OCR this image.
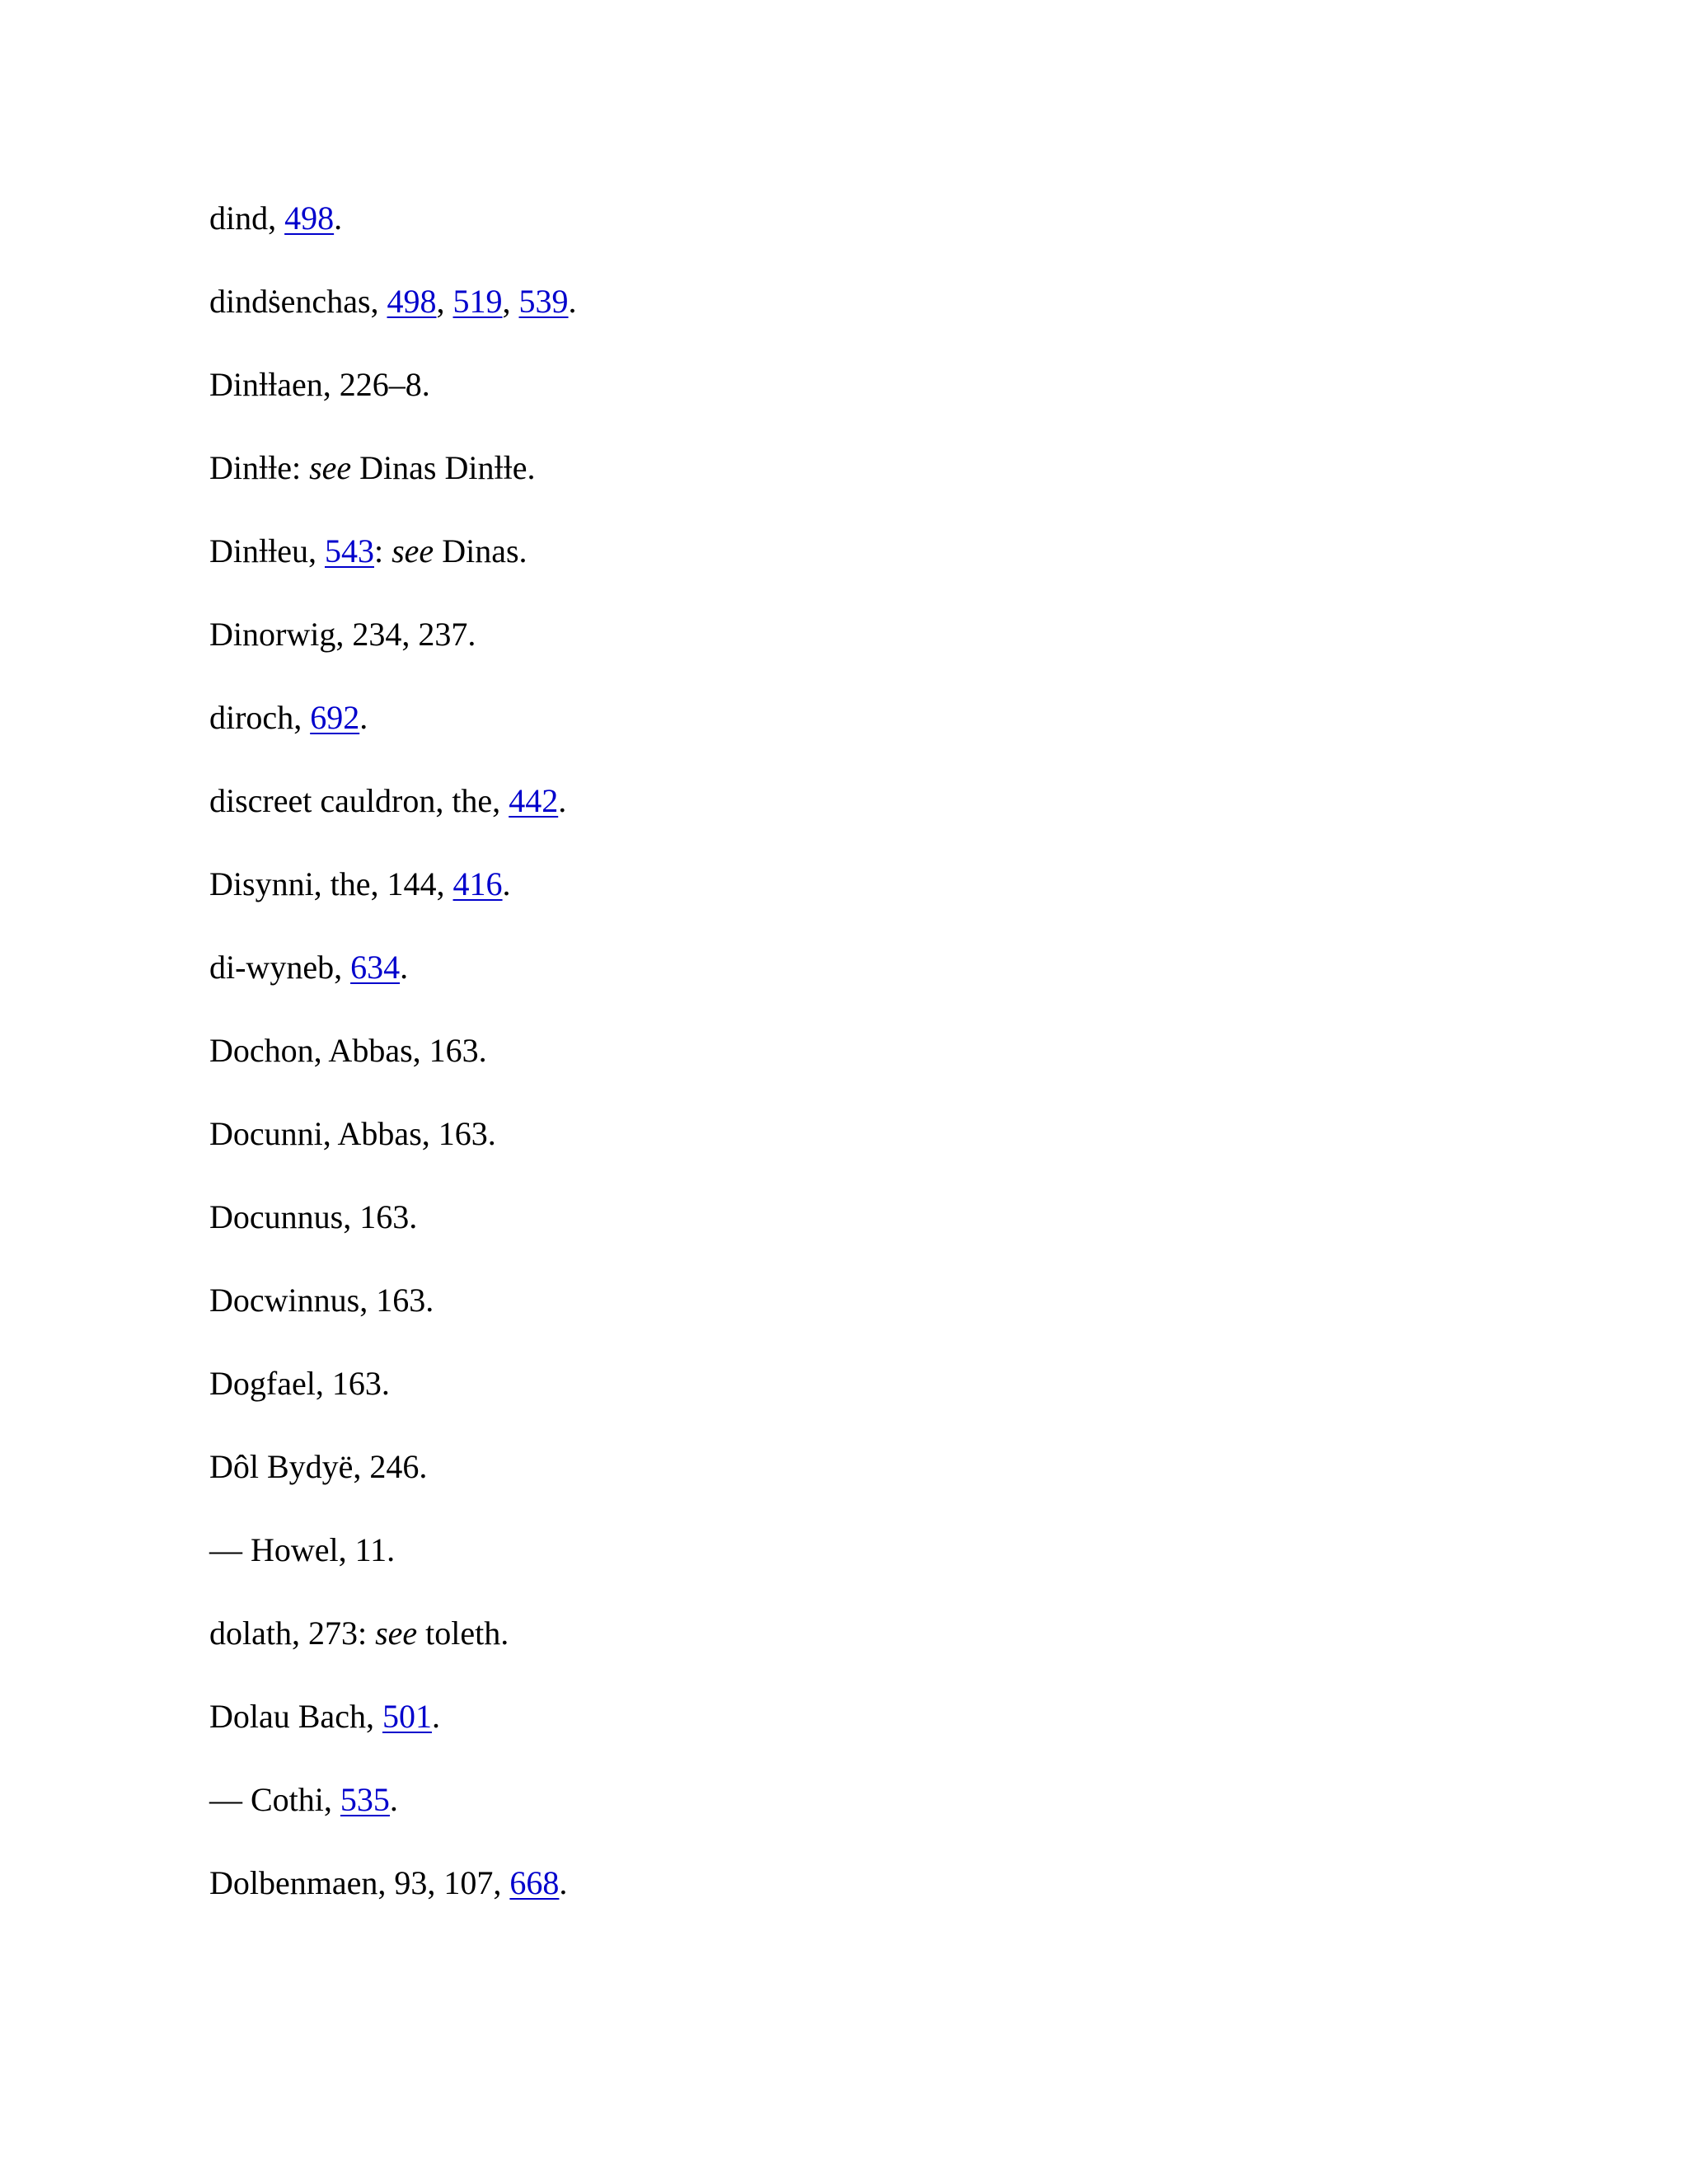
dind, 498.
dindṡenchas, 498, 519, 539.
Dinƚƚaen, 226–8.
Dinƚƚe: see Dinas Dinƚƚe.
Dinƚƚeu, 543: see Dinas.
Dinorwig, 234, 237.
diroch, 692.
discreet cauldron, the, 442.
Disynni, the, 144, 416.
di-wyneb, 634.
Dochon, Abbas, 163.
Docunni, Abbas, 163.
Docunnus, 163.
Docwinnus, 163.
Dogfael, 163.
Dôl Bydyë, 246.
— Howel, 11.
dolath, 273: see toleth.
Dolau Bach, 501.
— Cothi, 535.
Dolbenmaen, 93, 107, 668.
